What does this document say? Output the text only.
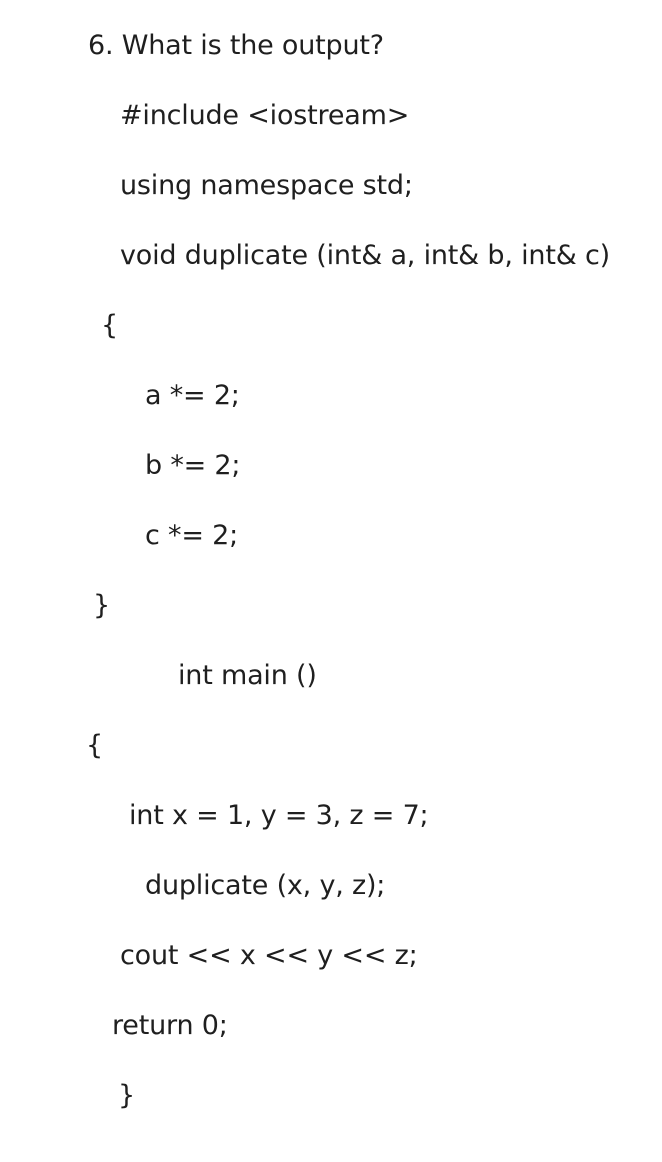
6. What is the output?
#include <iostream>
using namespace std;
void duplicate (int& a, int& b, int& c)
{
a *= 2;
b *= 2;
c *= 2;
}
int main ()
{
int x = 1, y = 3, z = 7;
duplicate (x, y, z);
cout << x << y << z;
return 0;
}
